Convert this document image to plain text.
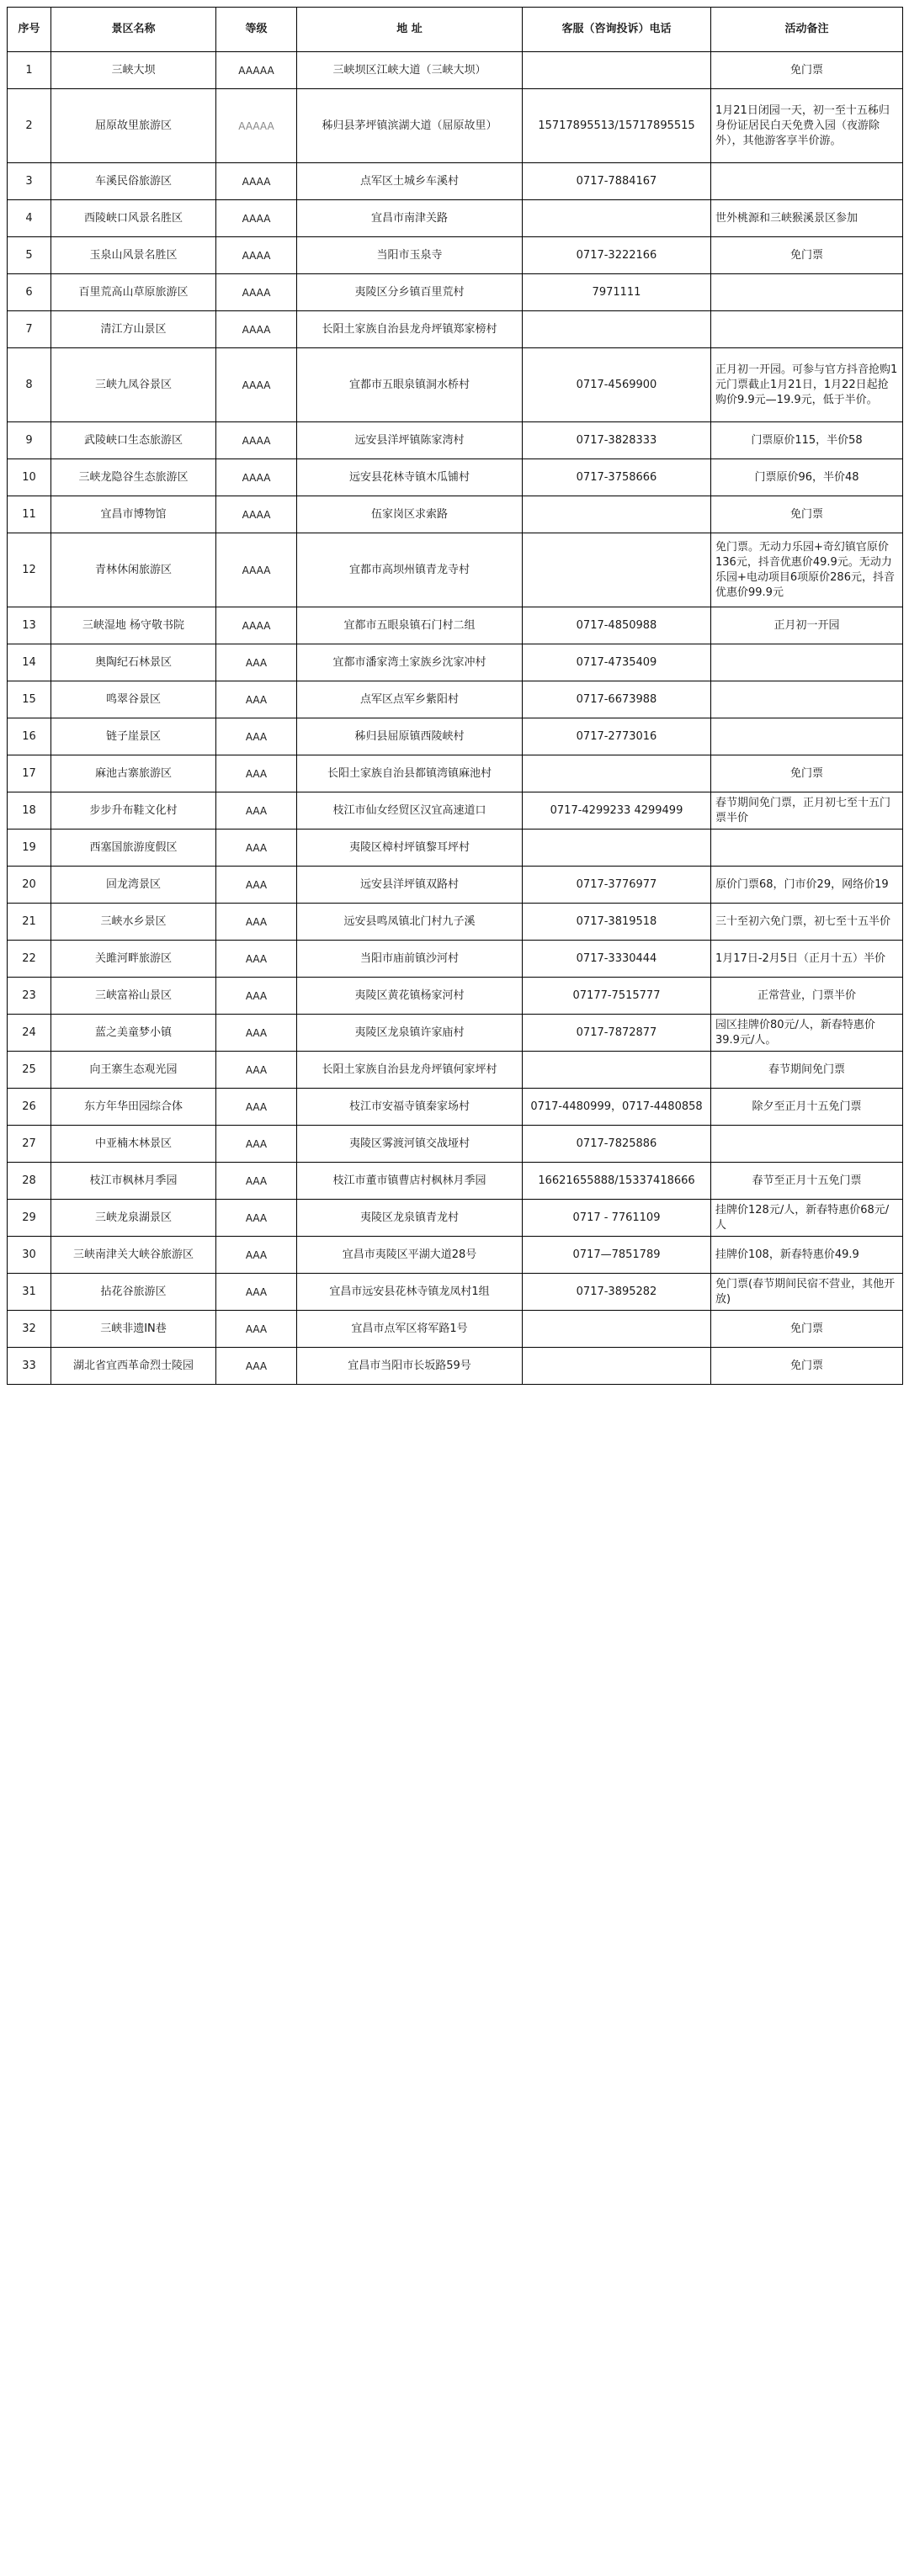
序号	景区名称	等级	地 址	客服（咨询投诉）电话	活动备注
1	三峡大坝	AAAAA	三峡坝区江峡大道（三峡大坝）		免门票
2	屈原故里旅游区	AAAAA	秭归县茅坪镇滨湖大道（屈原故里）	15717895513/15717895515	1月21日闭园一天，初一至十五秭归身份证居民白天免费入园（夜游除外），其他游客享半价游。
3	车溪民俗旅游区	AAAA	点军区土城乡车溪村	0717-7884167	
4	西陵峡口风景名胜区	AAAA	宜昌市南津关路		世外桃源和三峡猴溪景区参加
5	玉泉山风景名胜区	AAAA	当阳市玉泉寺	0717-3222166	免门票
6	百里荒高山草原旅游区	AAAA	夷陵区分乡镇百里荒村	7971111	
7	清江方山景区	AAAA	长阳土家族自治县龙舟坪镇郑家榜村		
8	三峡九凤谷景区	AAAA	宜都市五眼泉镇洞水桥村	0717-4569900	正月初一开园。可参与官方抖音抢购1元门票截止1月21日，1月22日起抢购价9.9元—19.9元，低于半价。
9	武陵峡口生态旅游区	AAAA	远安县洋坪镇陈家湾村	0717-3828333	门票原价115，半价58
10	三峡龙隐谷生态旅游区	AAAA	远安县花林寺镇木瓜铺村	0717-3758666	门票原价96，半价48
11	宜昌市博物馆	AAAA	伍家岗区求索路		免门票
12	青林休闲旅游区	AAAA	宜都市高坝州镇青龙寺村		免门票。无动力乐园+奇幻镇官原价136元，抖音优惠价49.9元。无动力乐园+电动项目6项原价286元，抖音优惠价99.9元
13	三峡湿地 杨守敬书院	AAAA	宜都市五眼泉镇石门村二组	0717-4850988	正月初一开园
14	奥陶纪石林景区	AAA	宜都市潘家湾土家族乡沈家冲村	0717-4735409	
15	鸣翠谷景区	AAA	点军区点军乡紫阳村	0717-6673988	
16	链子崖景区	AAA	秭归县屈原镇西陵峡村	0717-2773016	
17	麻池古寨旅游区	AAA	长阳土家族自治县都镇湾镇麻池村		免门票
18	步步升布鞋文化村	AAA	枝江市仙女经贸区汉宜高速道口	0717-4299233 4299499	春节期间免门票，正月初七至十五门票半价
19	西塞国旅游度假区	AAA	夷陵区樟村坪镇黎耳坪村		
20	回龙湾景区	AAA	远安县洋坪镇双路村	0717-3776977	原价门票68，门市价29，网络价19
21	三峡水乡景区	AAA	远安县鸣凤镇北门村九子溪	0717-3819518	三十至初六免门票，初七至十五半价
22	关雎河畔旅游区	AAA	当阳市庙前镇沙河村	0717-3330444	1月17日-2月5日（正月十五）半价
23	三峡富裕山景区	AAA	夷陵区黄花镇杨家河村	07177-7515777	正常营业，门票半价
24	蓝之美童梦小镇	AAA	夷陵区龙泉镇许家庙村	0717-7872877	园区挂牌价80元/人，新春特惠价39.9元/人。
25	向王寨生态观光园	AAA	长阳土家族自治县龙舟坪镇何家坪村		春节期间免门票
26	东方年华田园综合体	AAA	枝江市安福寺镇秦家场村	0717-4480999，0717-4480858	除夕至正月十五免门票
27	中亚楠木林景区	AAA	夷陵区雾渡河镇交战垭村	0717-7825886	
28	枝江市枫林月季园	AAA	枝江市董市镇曹店村枫林月季园	16621655888/15337418666	春节至正月十五免门票
29	三峡龙泉湖景区	AAA	夷陵区龙泉镇青龙村	0717 - 7761109	挂牌价128元/人，新春特惠价68元/人
30	三峡南津关大峡谷旅游区	AAA	宜昌市夷陵区平湖大道28号	0717—7851789	挂牌价108，新春特惠价49.9
31	拈花谷旅游区	AAA	宜昌市远安县花林寺镇龙凤村1组	0717-3895282	免门票(春节期间民宿不营业，其他开放)
32	三峡非遗IN巷	AAA	宜昌市点军区将军路1号		免门票
33	湖北省宜西革命烈士陵园	AAA	宜昌市当阳市长坂路59号		免门票
